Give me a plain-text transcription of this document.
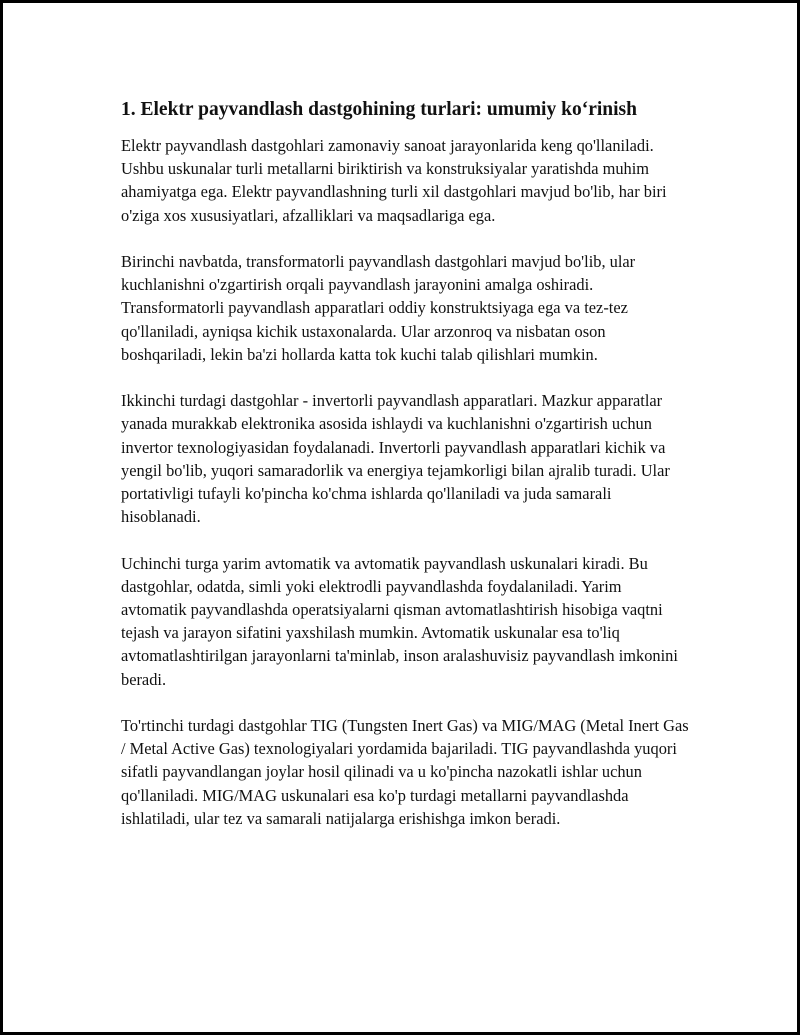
1. Elektr payvandlash dastgohining turlari: umumiy ko‘rinish

Elektr payvandlash dastgohlari zamonaviy sanoat jarayonlarida keng qo'llaniladi. Ushbu uskunalar turli metallarni biriktirish va konstruksiyalar yaratishda muhim ahamiyatga ega. Elektr payvandlashning turli xil dastgohlari mavjud bo'lib, har biri o'ziga xos xususiyatlari, afzalliklari va maqsadlariga ega.

Birinchi navbatda, transformatorli payvandlash dastgohlari mavjud bo'lib, ular kuchlanishni o'zgartirish orqali payvandlash jarayonini amalga oshiradi. Transformatorli payvandlash apparatlari oddiy konstruktsiyaga ega va tez-tez qo'llaniladi, ayniqsa kichik ustaxonalarda. Ular arzonroq va nisbatan oson boshqariladi, lekin ba'zi hollarda katta tok kuchi talab qilishlari mumkin.

Ikkinchi turdagi dastgohlar - invertorli payvandlash apparatlari. Mazkur apparatlar yanada murakkab elektronika asosida ishlaydi va kuchlanishni o'zgartirish uchun invertor texnologiyasidan foydalanadi. Invertorli payvandlash apparatlari kichik va yengil bo'lib, yuqori samaradorlik va energiya tejamkorligi bilan ajralib turadi. Ular portativligi tufayli ko'pincha ko'chma ishlarda qo'llaniladi va juda samarali hisoblanadi.

Uchinchi turga yarim avtomatik va avtomatik payvandlash uskunalari kiradi. Bu dastgohlar, odatda, simli yoki elektrodli payvandlashda foydalaniladi. Yarim avtomatik payvandlashda operatsiyalarni qisman avtomatlashtirish hisobiga vaqtni tejash va jarayon sifatini yaxshilash mumkin. Avtomatik uskunalar esa to'liq avtomatlashtirilgan jarayonlarni ta'minlab, inson aralashuvisiz payvandlash imkonini beradi.

To'rtinchi turdagi dastgohlar TIG (Tungsten Inert Gas) va MIG/MAG (Metal Inert Gas / Metal Active Gas) texnologiyalari yordamida bajariladi. TIG payvandlashda yuqori sifatli payvandlangan joylar hosil qilinadi va u ko'pincha nazokatli ishlar uchun qo'llaniladi. MIG/MAG uskunalari esa ko'p turdagi metallarni payvandlashda ishlatiladi, ular tez va samarali natijalarga erishishga imkon beradi.
